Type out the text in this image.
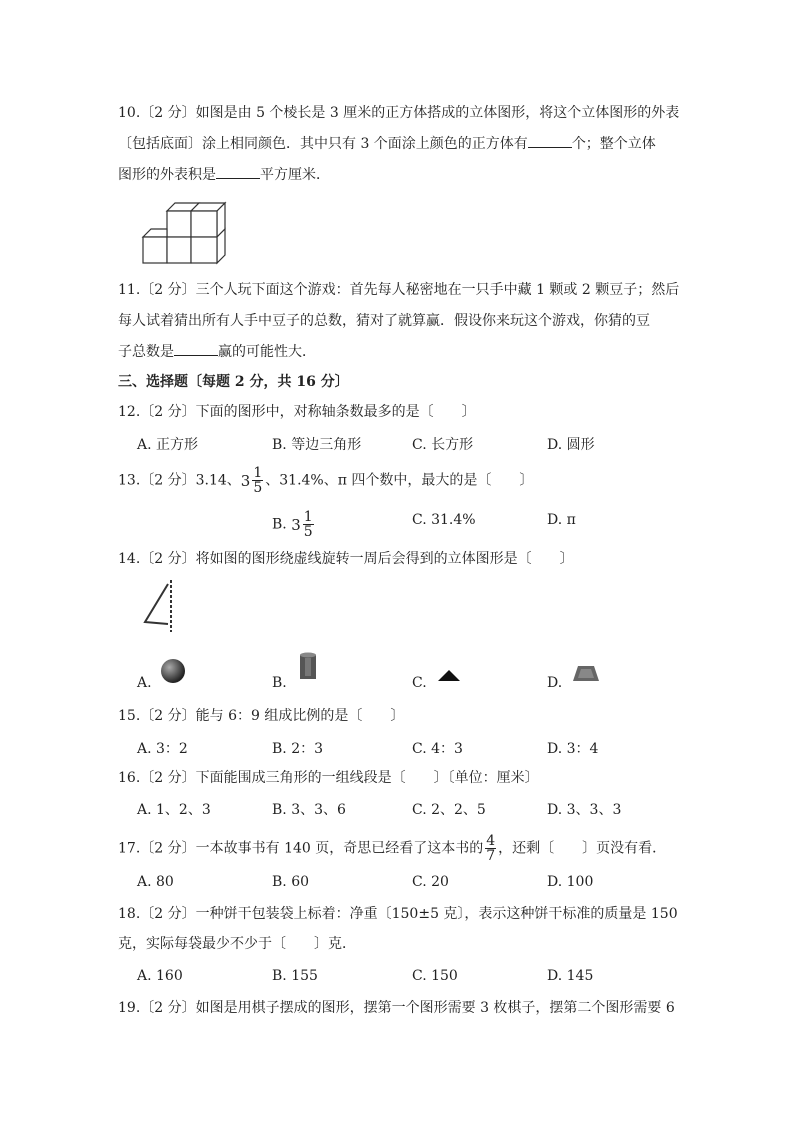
10.〔2 分〕如图是由 5 个棱长是 3 厘米的正方体搭成的立体图形，将这个立体图形的外表
〔包括底面〕涂上相同颜色．其中只有 3 个面涂上颜色的正方体有	个；整个立体
图形的外表积是	平方厘米．
11.〔2 分〕三个人玩下面这个游戏：首先每人秘密地在一只手中藏 1 颗或 2 颗豆子；然后
每人试着猜出所有人手中豆子的总数，猜对了就算赢．假设你来玩这个游戏，你猜的豆
子总数是	赢的可能性大．
三、选择题〔每题 2 分，共 16 分〕
12.〔2 分〕下面的图形中，对称轴条数最多的是〔　　〕
A. 正方形	B. 等边三角形	C. 长方形	D. 圆形
13.〔2 分〕3.14、 $3 \frac{1}{5}$ 、31.4%、π 四个数中，最大的是〔　　〕
B. $3 \frac{1}{5}$	C. 31.4%	D. π
14.〔2 分〕将如图的图形绕虚线旋转一周后会得到的立体图形是〔　　〕
A.	B.	C.	D.
15.〔2 分〕能与 6：9 组成比例的是〔　　〕
A. 3：2	B. 2：3	C. 4：3	D. 3：4
16.〔2 分〕下面能围成三角形的一组线段是〔　　〕〔单位：厘米〕
A. 1、2、3	B. 3、3、6	C. 2、2、5	D. 3、3、3
17.〔2 分〕一本故事书有 140 页，奇思已经看了这本书的 $\frac{4}{7}$ ，还剩〔　　〕页没有看．
A. 80	B. 60	C. 20	D. 100
18.〔2 分〕一种饼干包装袋上标着：净重〔150±5 克〕，表示这种饼干标准的质量是 150
克，实际每袋最少不少于〔　　〕克．
A. 160	B. 155	C. 150	D. 145
19.〔2 分〕如图是用棋子摆成的图形，摆第一个图形需要 3 枚棋子，摆第二个图形需要 6
